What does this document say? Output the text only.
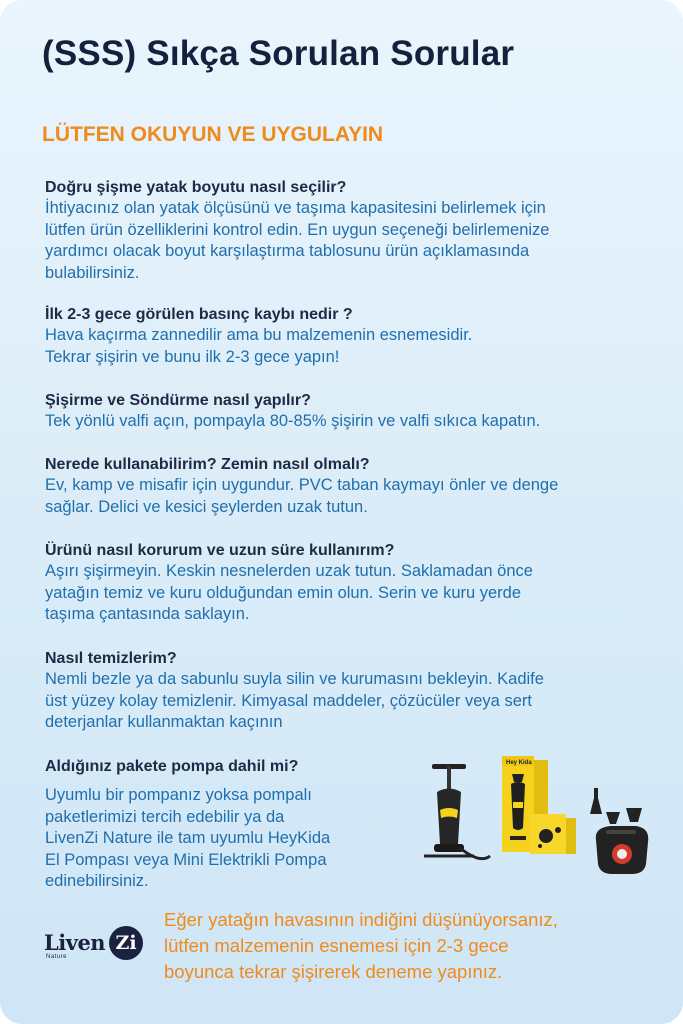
(SSS) Sıkça Sorulan Sorular
LÜTFEN OKUYUN VE UYGULAYIN
Doğru şişme yatak boyutu nasıl seçilir?
İhtiyacınız olan yatak ölçüsünü ve taşıma kapasitesini belirlemek için
lütfen ürün özelliklerini kontrol edin. En uygun seçeneği belirlemenize
yardımcı olacak boyut karşılaştırma tablosunu ürün açıklamasında
bulabilirsiniz.
İlk 2-3 gece görülen basınç kaybı nedir ?
Hava kaçırma zannedilir ama bu malzemenin esnemesidir.
Tekrar şişirin ve bunu ilk 2-3 gece yapın!
Şişirme ve Söndürme nasıl yapılır?
Tek yönlü valfi açın, pompayla 80-85% şişirin ve valfi sıkıca kapatın.
Nerede kullanabilirim? Zemin nasıl olmalı?
Ev, kamp ve misafir için uygundur. PVC taban kaymayı önler ve denge
sağlar. Delici ve kesici şeylerden uzak tutun.
Ürünü nasıl korurum ve uzun süre kullanırım?
Aşırı şişirmeyin. Keskin nesnelerden uzak tutun. Saklamadan önce
yatağın temiz ve kuru olduğundan emin olun. Serin ve kuru yerde
taşıma çantasında saklayın.
Nasıl temizlerim?
Nemli bezle ya da sabunlu suyla silin ve kurumasını bekleyin. Kadife
üst yüzey kolay temizlenir. Kimyasal maddeler, çözücüler veya sert
deterjanlar kullanmaktan kaçının
Aldığınız pakete pompa dahil mi?
Uyumlu bir pompanız yoksa pompalı
paketlerimizi tercih edebilir ya da
LivenZi Nature ile tam uyumlu HeyKida
El Pompası veya Mini Elektrikli Pompa
edinebilirsiniz.
Hey Kida
Liven Zi
Nature
Eğer yatağın havasının indiğini düşünüyorsanız,
lütfen malzemenin esnemesi için 2-3 gece
boyunca tekrar şişirerek deneme yapınız.
